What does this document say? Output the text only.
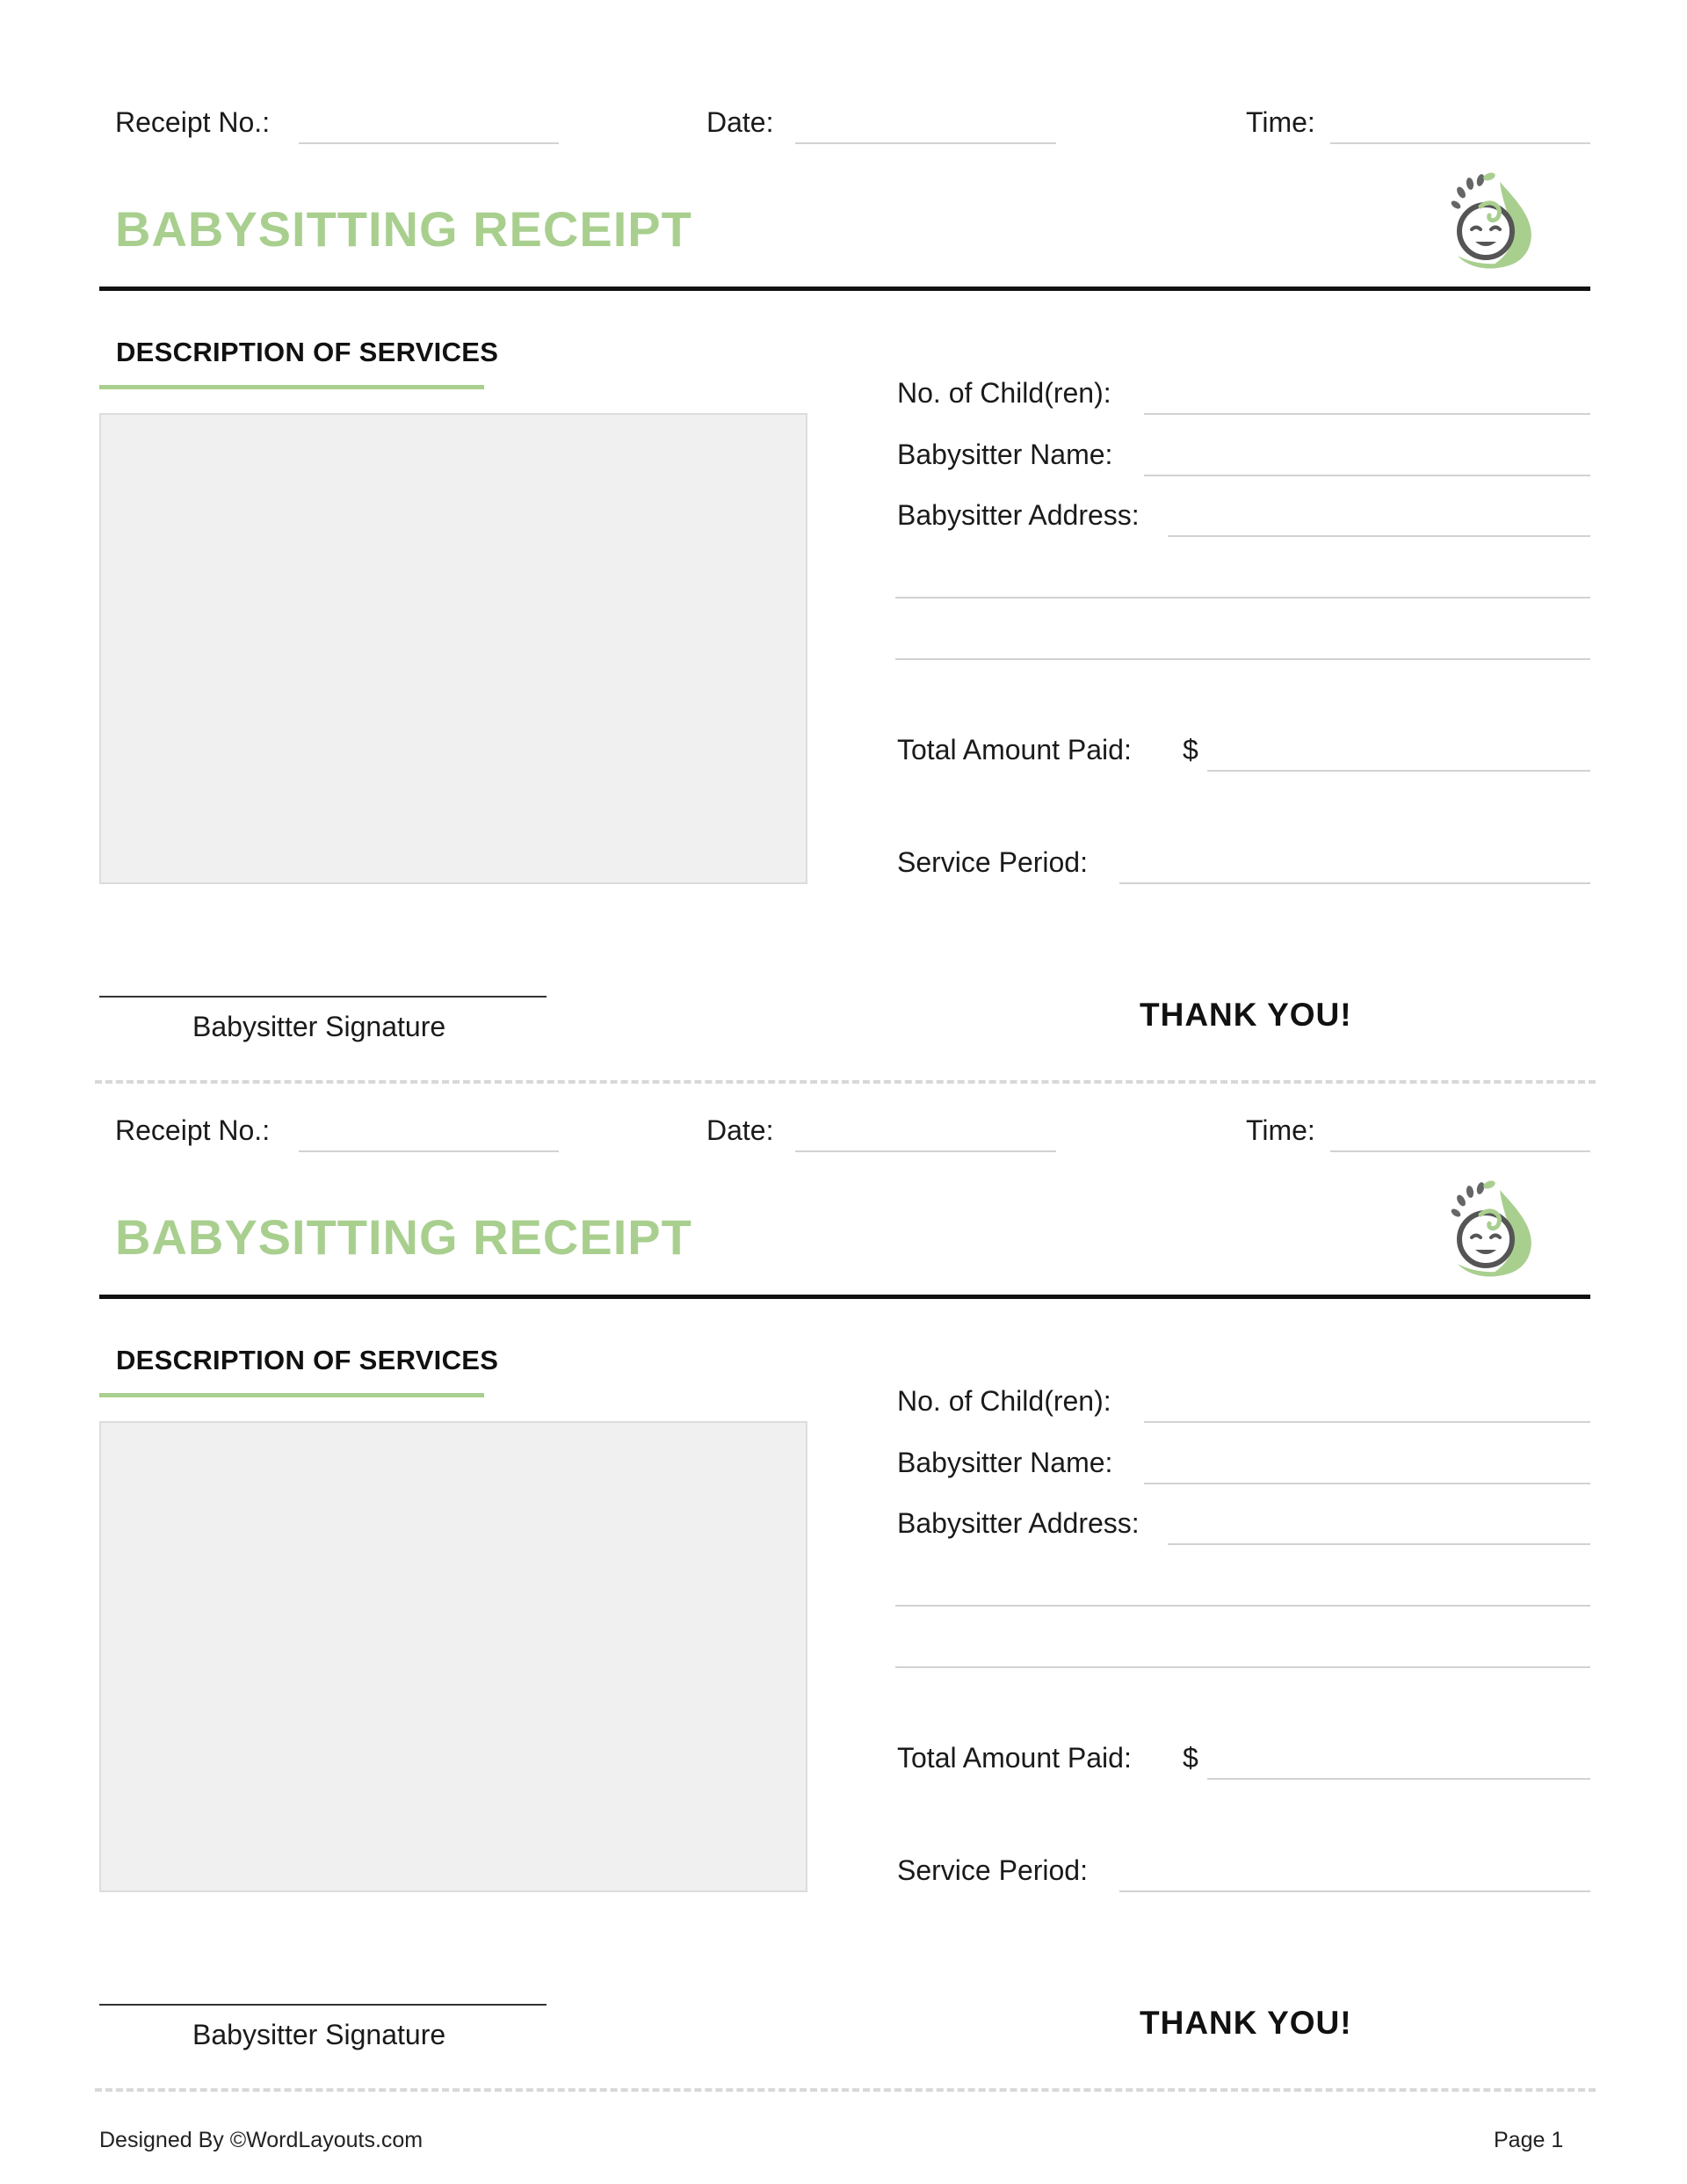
Receipt No.:	Date:	Time:
BABYSITTING RECEIPT
DESCRIPTION OF SERVICES
No. of Child(ren):
Babysitter Name:
Babysitter Address:
Total Amount Paid: $
Service Period:
Babysitter Signature	THANK YOU!
Receipt No.:	Date:	Time:
BABYSITTING RECEIPT
DESCRIPTION OF SERVICES
No. of Child(ren):
Babysitter Name:
Babysitter Address:
Total Amount Paid: $
Service Period:
Babysitter Signature	THANK YOU!
Designed By ©WordLayouts.com	Page 1
